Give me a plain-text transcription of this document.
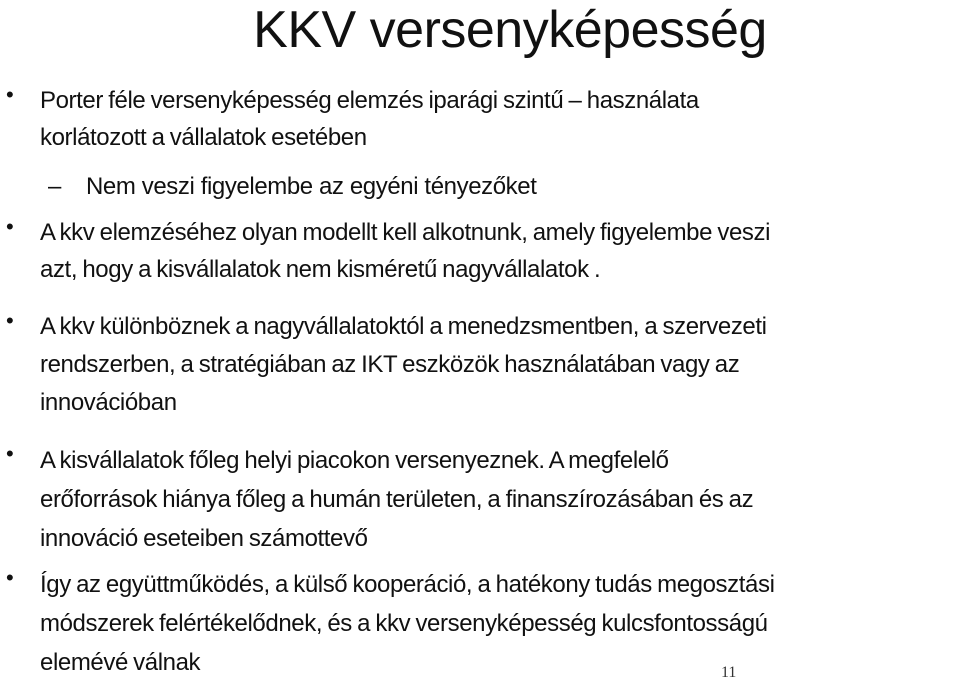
KKV versenyképesség
•
•
•
•
•
Porter féle versenyképesség elemzés iparági szintű – használata
korlátozott a vállalatok esetében
– Nem veszi figyelembe az egyéni tényezőket
A kkv elemzéséhez olyan modellt kell alkotnunk, amely figyelembe veszi
azt, hogy a kisvállalatok nem kisméretű nagyvállalatok .
A kkv különböznek a nagyvállalatoktól a menedzsmentben, a szervezeti
rendszerben, a stratégiában az IKT eszközök használatában vagy az
innovációban
A kisvállalatok főleg helyi piacokon versenyeznek. A megfelelő
erőforrások hiánya főleg a humán területen, a finanszírozásában és az
innováció eseteiben számottevő
Így az együttműködés, a külső kooperáció, a hatékony tudás megosztási
módszerek felértékelődnek, és a kkv versenyképesség kulcsfontosságú
elemévé válnak	11
